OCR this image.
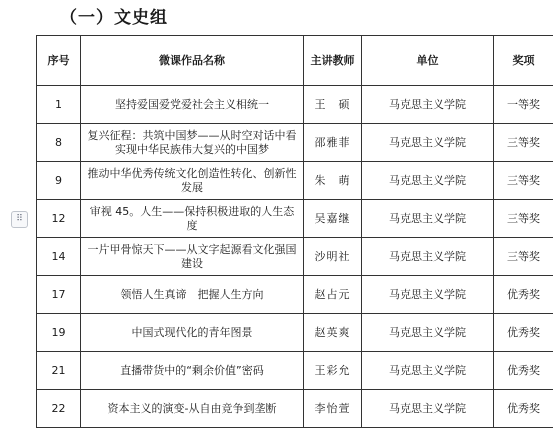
（一）文史组
⠿
序号	微课作品名称	主讲教师	单位	奖项
1	坚持爱国爱党爱社会主义相统一	王　硕	马克思主义学院	一等奖
8	复兴征程：共筑中国梦——从时空对话中看实现中华民族伟大复兴的中国梦	邵雅菲	马克思主义学院	三等奖
9	推动中华优秀传统文化创造性转化、创新性发展	朱　萌	马克思主义学院	三等奖
12	审视 45。人生——保持积极进取的人生态度	吴嘉继	马克思主义学院	三等奖
14	一片甲骨惊天下——从文字起源看文化强国建设	沙明社	马克思主义学院	三等奖
17	领悟人生真谛　把握人生方向	赵占元	马克思主义学院	优秀奖
19	中国式现代化的青年图景	赵英爽	马克思主义学院	优秀奖
21	直播带货中的“剩余价值”密码	王彩允	马克思主义学院	优秀奖
22	资本主义的演变-从自由竞争到垄断	李怡萱	马克思主义学院	优秀奖
